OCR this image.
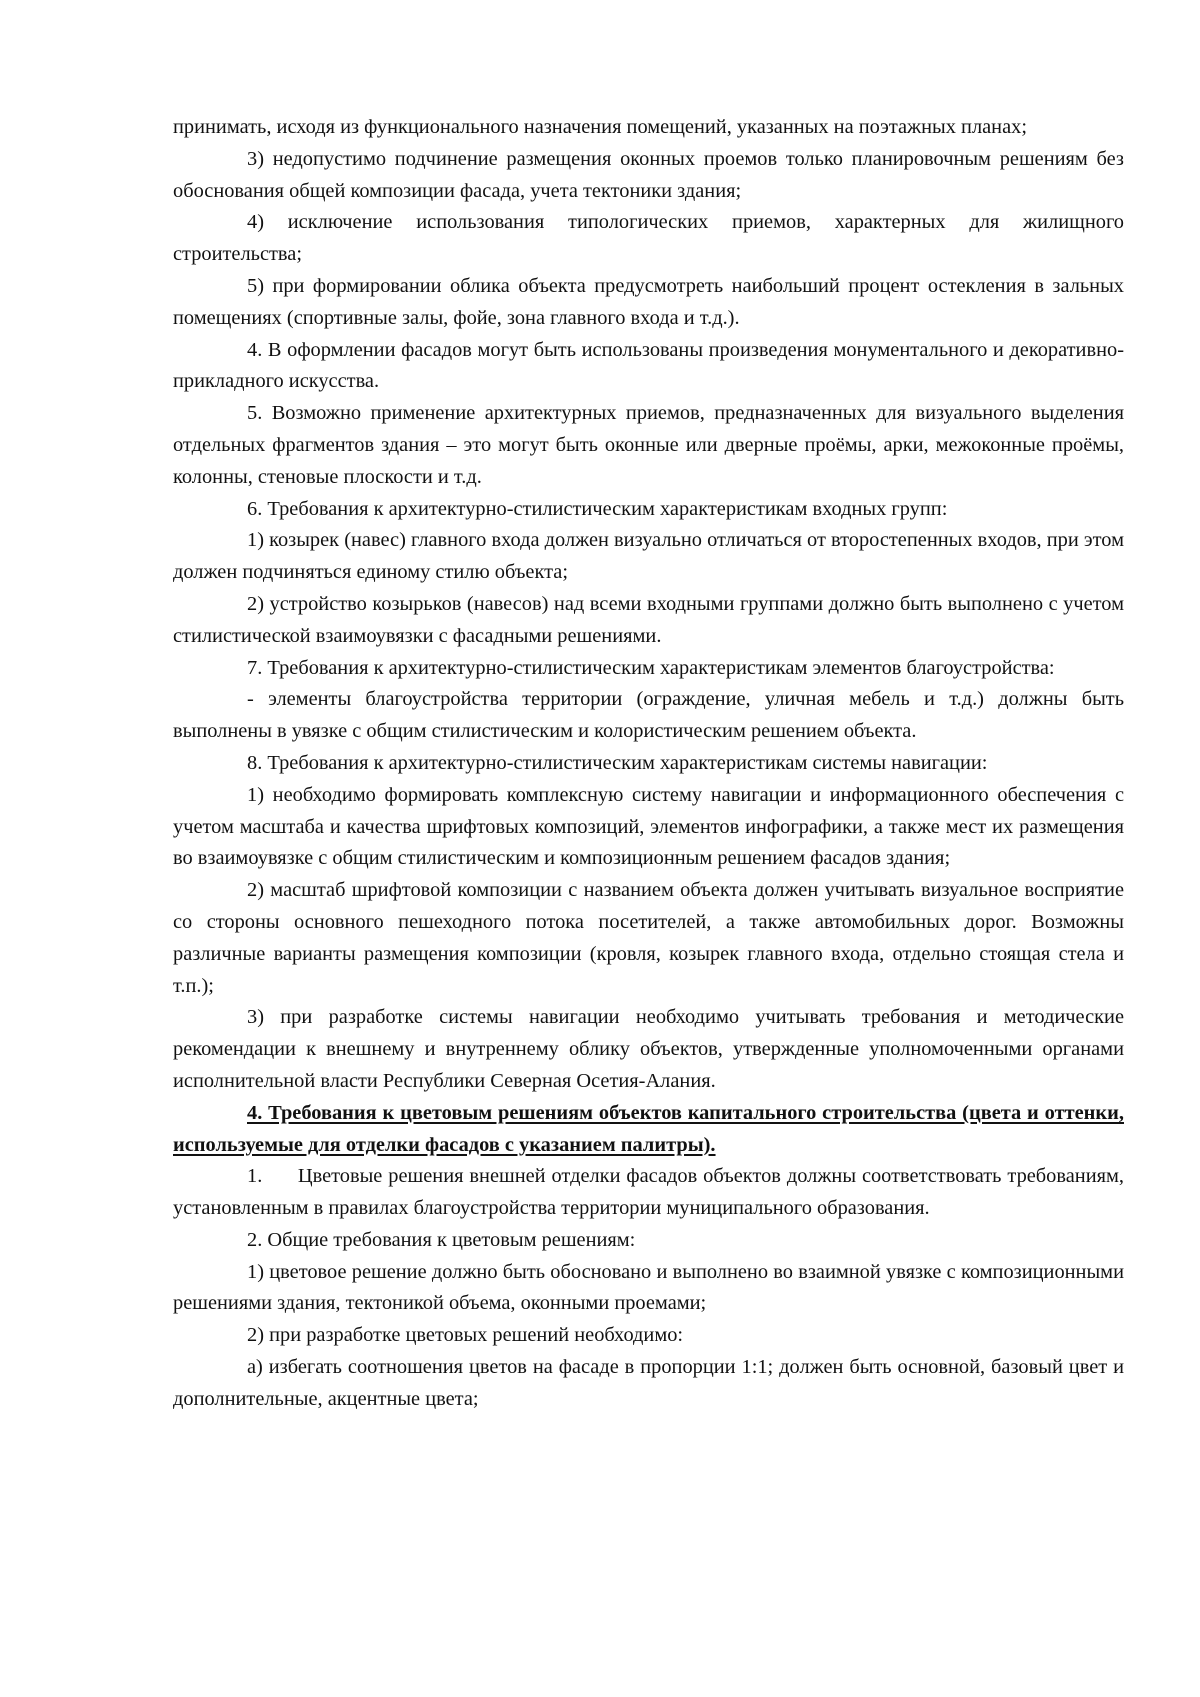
принимать, исходя из функционального назначения помещений, указанных на поэтажных планах;

3) недопустимо подчинение размещения оконных проемов только планировочным решениям без обоснования общей композиции фасада, учета тектоники здания;

4) исключение использования типологических приемов, характерных для жилищного строительства;

5) при формировании облика объекта предусмотреть наибольший процент остекления в зальных помещениях (спортивные залы, фойе, зона главного входа и т.д.).

4. В оформлении фасадов могут быть использованы произведения монументального и декоративно-прикладного искусства.

5. Возможно применение архитектурных приемов, предназначенных для визуального выделения отдельных фрагментов здания – это могут быть оконные или дверные проёмы, арки, межоконные проёмы, колонны, стеновые плоскости и т.д.

6. Требования к архитектурно-стилистическим характеристикам входных групп:

1) козырек (навес) главного входа должен визуально отличаться от второстепенных входов, при этом должен подчиняться единому стилю объекта;

2) устройство козырьков (навесов) над всеми входными группами должно быть выполнено с учетом стилистической взаимоувязки с фасадными решениями.

7. Требования к архитектурно-стилистическим характеристикам элементов благоустройства:

- элементы благоустройства территории (ограждение, уличная мебель и т.д.) должны быть выполнены в увязке с общим стилистическим и колористическим решением объекта.

8. Требования к архитектурно-стилистическим характеристикам системы навигации:

1) необходимо формировать комплексную систему навигации и информационного обеспечения с учетом масштаба и качества шрифтовых композиций, элементов инфографики, а также мест их размещения во взаимоувязке с общим стилистическим и композиционным решением фасадов здания;

2) масштаб шрифтовой композиции с названием объекта должен учитывать визуальное восприятие со стороны основного пешеходного потока посетителей, а также автомобильных дорог. Возможны различные варианты размещения композиции (кровля, козырек главного входа, отдельно стоящая стела и т.п.);

3) при разработке системы навигации необходимо учитывать требования и методические рекомендации к внешнему и внутреннему облику объектов, утвержденные уполномоченными органами исполнительной власти Республики Северная Осетия-Алания.

4. Требования к цветовым решениям объектов капитального строительства (цвета и оттенки, используемые для отделки фасадов с указанием палитры).

1.      Цветовые решения внешней отделки фасадов объектов должны соответствовать требованиям, установленным в правилах благоустройства территории муниципального образования.

2. Общие требования к цветовым решениям:

1) цветовое решение должно быть обосновано и выполнено во взаимной увязке с композиционными решениями здания, тектоникой объема, оконными проемами;

2) при разработке цветовых решений необходимо:

а) избегать соотношения цветов на фасаде в пропорции 1:1; должен быть основной, базовый цвет и дополнительные, акцентные цвета;
